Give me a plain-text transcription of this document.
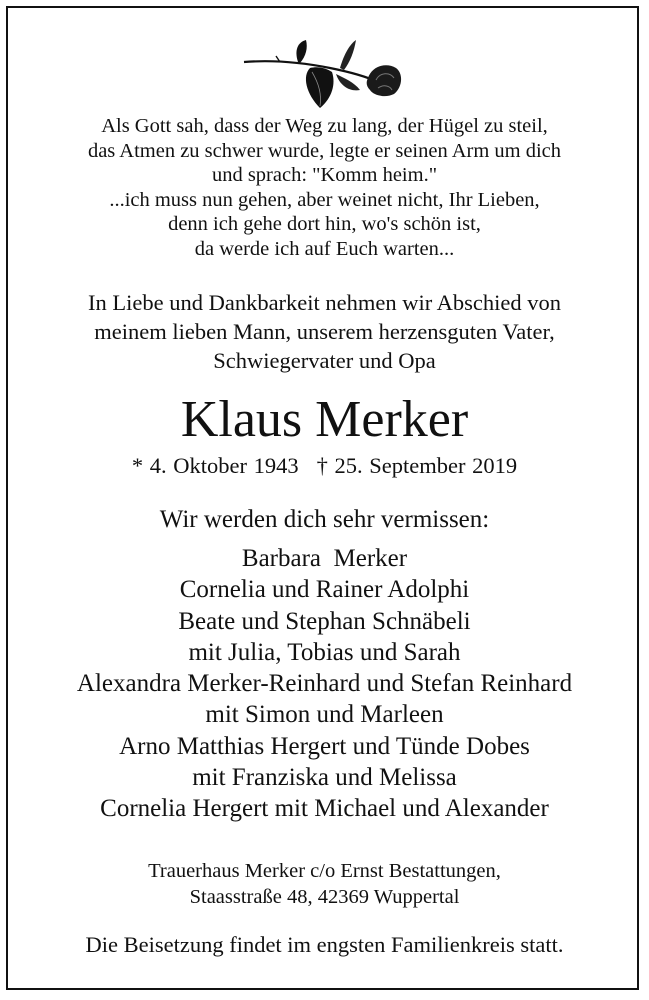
Als Gott sah, dass der Weg zu lang, der Hügel zu steil,
das Atmen zu schwer wurde, legte er seinen Arm um dich
und sprach: "Komm heim."
...ich muss nun gehen, aber weinet nicht, Ihr Lieben,
denn ich gehe dort hin, wo's schön ist,
da werde ich auf Euch warten...
In Liebe und Dankbarkeit nehmen wir Abschied von
meinem lieben Mann, unserem herzensguten Vater,
Schwiegervater und Opa
Klaus Merker
* 4. Oktober 1943 † 25. September 2019
Wir werden dich sehr vermissen:
Barbara  Merker
Cornelia und Rainer Adolphi
Beate und Stephan Schnäbeli
mit Julia, Tobias und Sarah
Alexandra Merker-Reinhard und Stefan Reinhard
mit Simon und Marleen
Arno Matthias Hergert und Tünde Dobes
mit Franziska und Melissa
Cornelia Hergert mit Michael und Alexander
Trauerhaus Merker c/o Ernst Bestattungen,
Staasstraße 48, 42369 Wuppertal
Die Beisetzung findet im engsten Familienkreis statt.
